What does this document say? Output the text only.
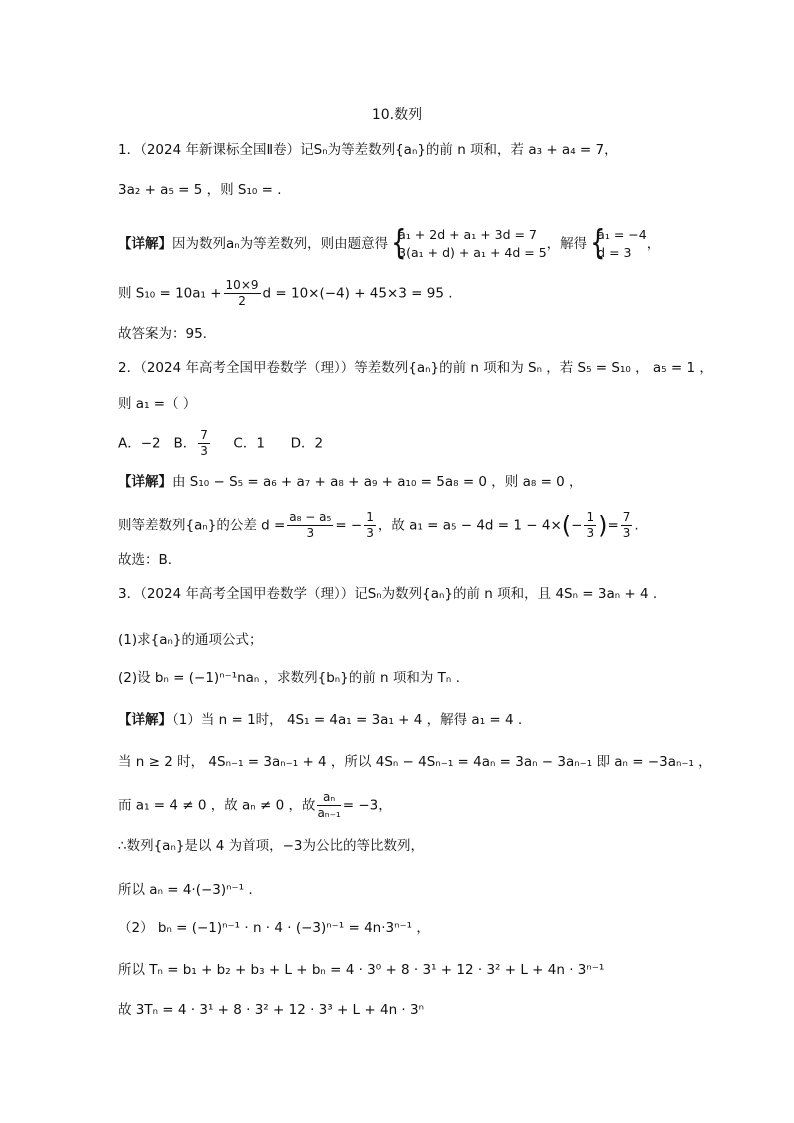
10.数列
1．（2024 年新课标全国Ⅱ卷）记Sₙ为等差数列{aₙ}的前 n 项和，若 a₃ + a₄ = 7，
3a₂ + a₅ = 5 ，则 S₁₀ = .
【详解】因为数列aₙ为等差数列，则由题意得 {
a₁ + 2d + a₁ + 3d = 7
3(a₁ + d) + a₁ + 4d = 5
，解得 {
a₁ = −4
d = 3
，
则 $S_{10} = 10a_1 + \frac{10\times 9}{2}$ d = 10×(−4) + 45×3 = 95 .
故答案为：95.
2．（2024 年高考全国甲卷数学（理））等差数列{aₙ}的前 n 项和为 Sₙ ，若 S₅ = S₁₀ ， a₅ = 1 ，
则 a₁ =（ ）
A．−2 B． $\frac{7}{3}$ C．1 D．2
【详解】由 S₁₀ − S₅ = a₆ + a₇ + a₈ + a₉ + a₁₀ = 5a₈ = 0 ，则 a₈ = 0 ，
则等差数列{aₙ}的公差 $d = \frac{\text{a₈ − a₅}}{3}$ = − $\frac{1}{3}$ ，故 $a_1 = a_5 - 4d = 1 - 4\times(- \frac{1}{3}$ )= $\frac{7}{3}$ .
故选：B.
3．（2024 年高考全国甲卷数学（理））记Sₙ为数列{aₙ}的前 n 项和，且 4Sₙ = 3aₙ + 4 .
(1)求{aₙ}的通项公式；
(2)设 bₙ = (−1)ⁿ⁻¹naₙ ，求数列{bₙ}的前 n 项和为 Tₙ .
【详解】（1）当 n = 1时， 4S₁ = 4a₁ = 3a₁ + 4 ，解得 a₁ = 4 .
当 n ≥ 2 时， 4Sₙ₋₁ = 3aₙ₋₁ + 4 ，所以 4Sₙ − 4Sₙ₋₁ = 4aₙ = 3aₙ − 3aₙ₋₁ 即 aₙ = −3aₙ₋₁ ，
而 a₁ = 4 ≠ 0 ，故 aₙ ≠ 0 ，故 $\frac{\text{aₙ}}{\text{aₙ₋₁}} = -3$，
∴数列{aₙ}是以 4 为首项，−3为公比的等比数列，
所以 aₙ = 4·(−3)ⁿ⁻¹ .
（2） bₙ = (−1)ⁿ⁻¹ · n · 4 · (−3)ⁿ⁻¹ = 4n·3ⁿ⁻¹ ，
所以 Tₙ = b₁ + b₂ + b₃ + L + bₙ = 4 · 3⁰ + 8 · 3¹ + 12 · 3² + L + 4n · 3ⁿ⁻¹
故 3Tₙ = 4 · 3¹ + 8 · 3² + 12 · 3³ + L + 4n · 3ⁿ
